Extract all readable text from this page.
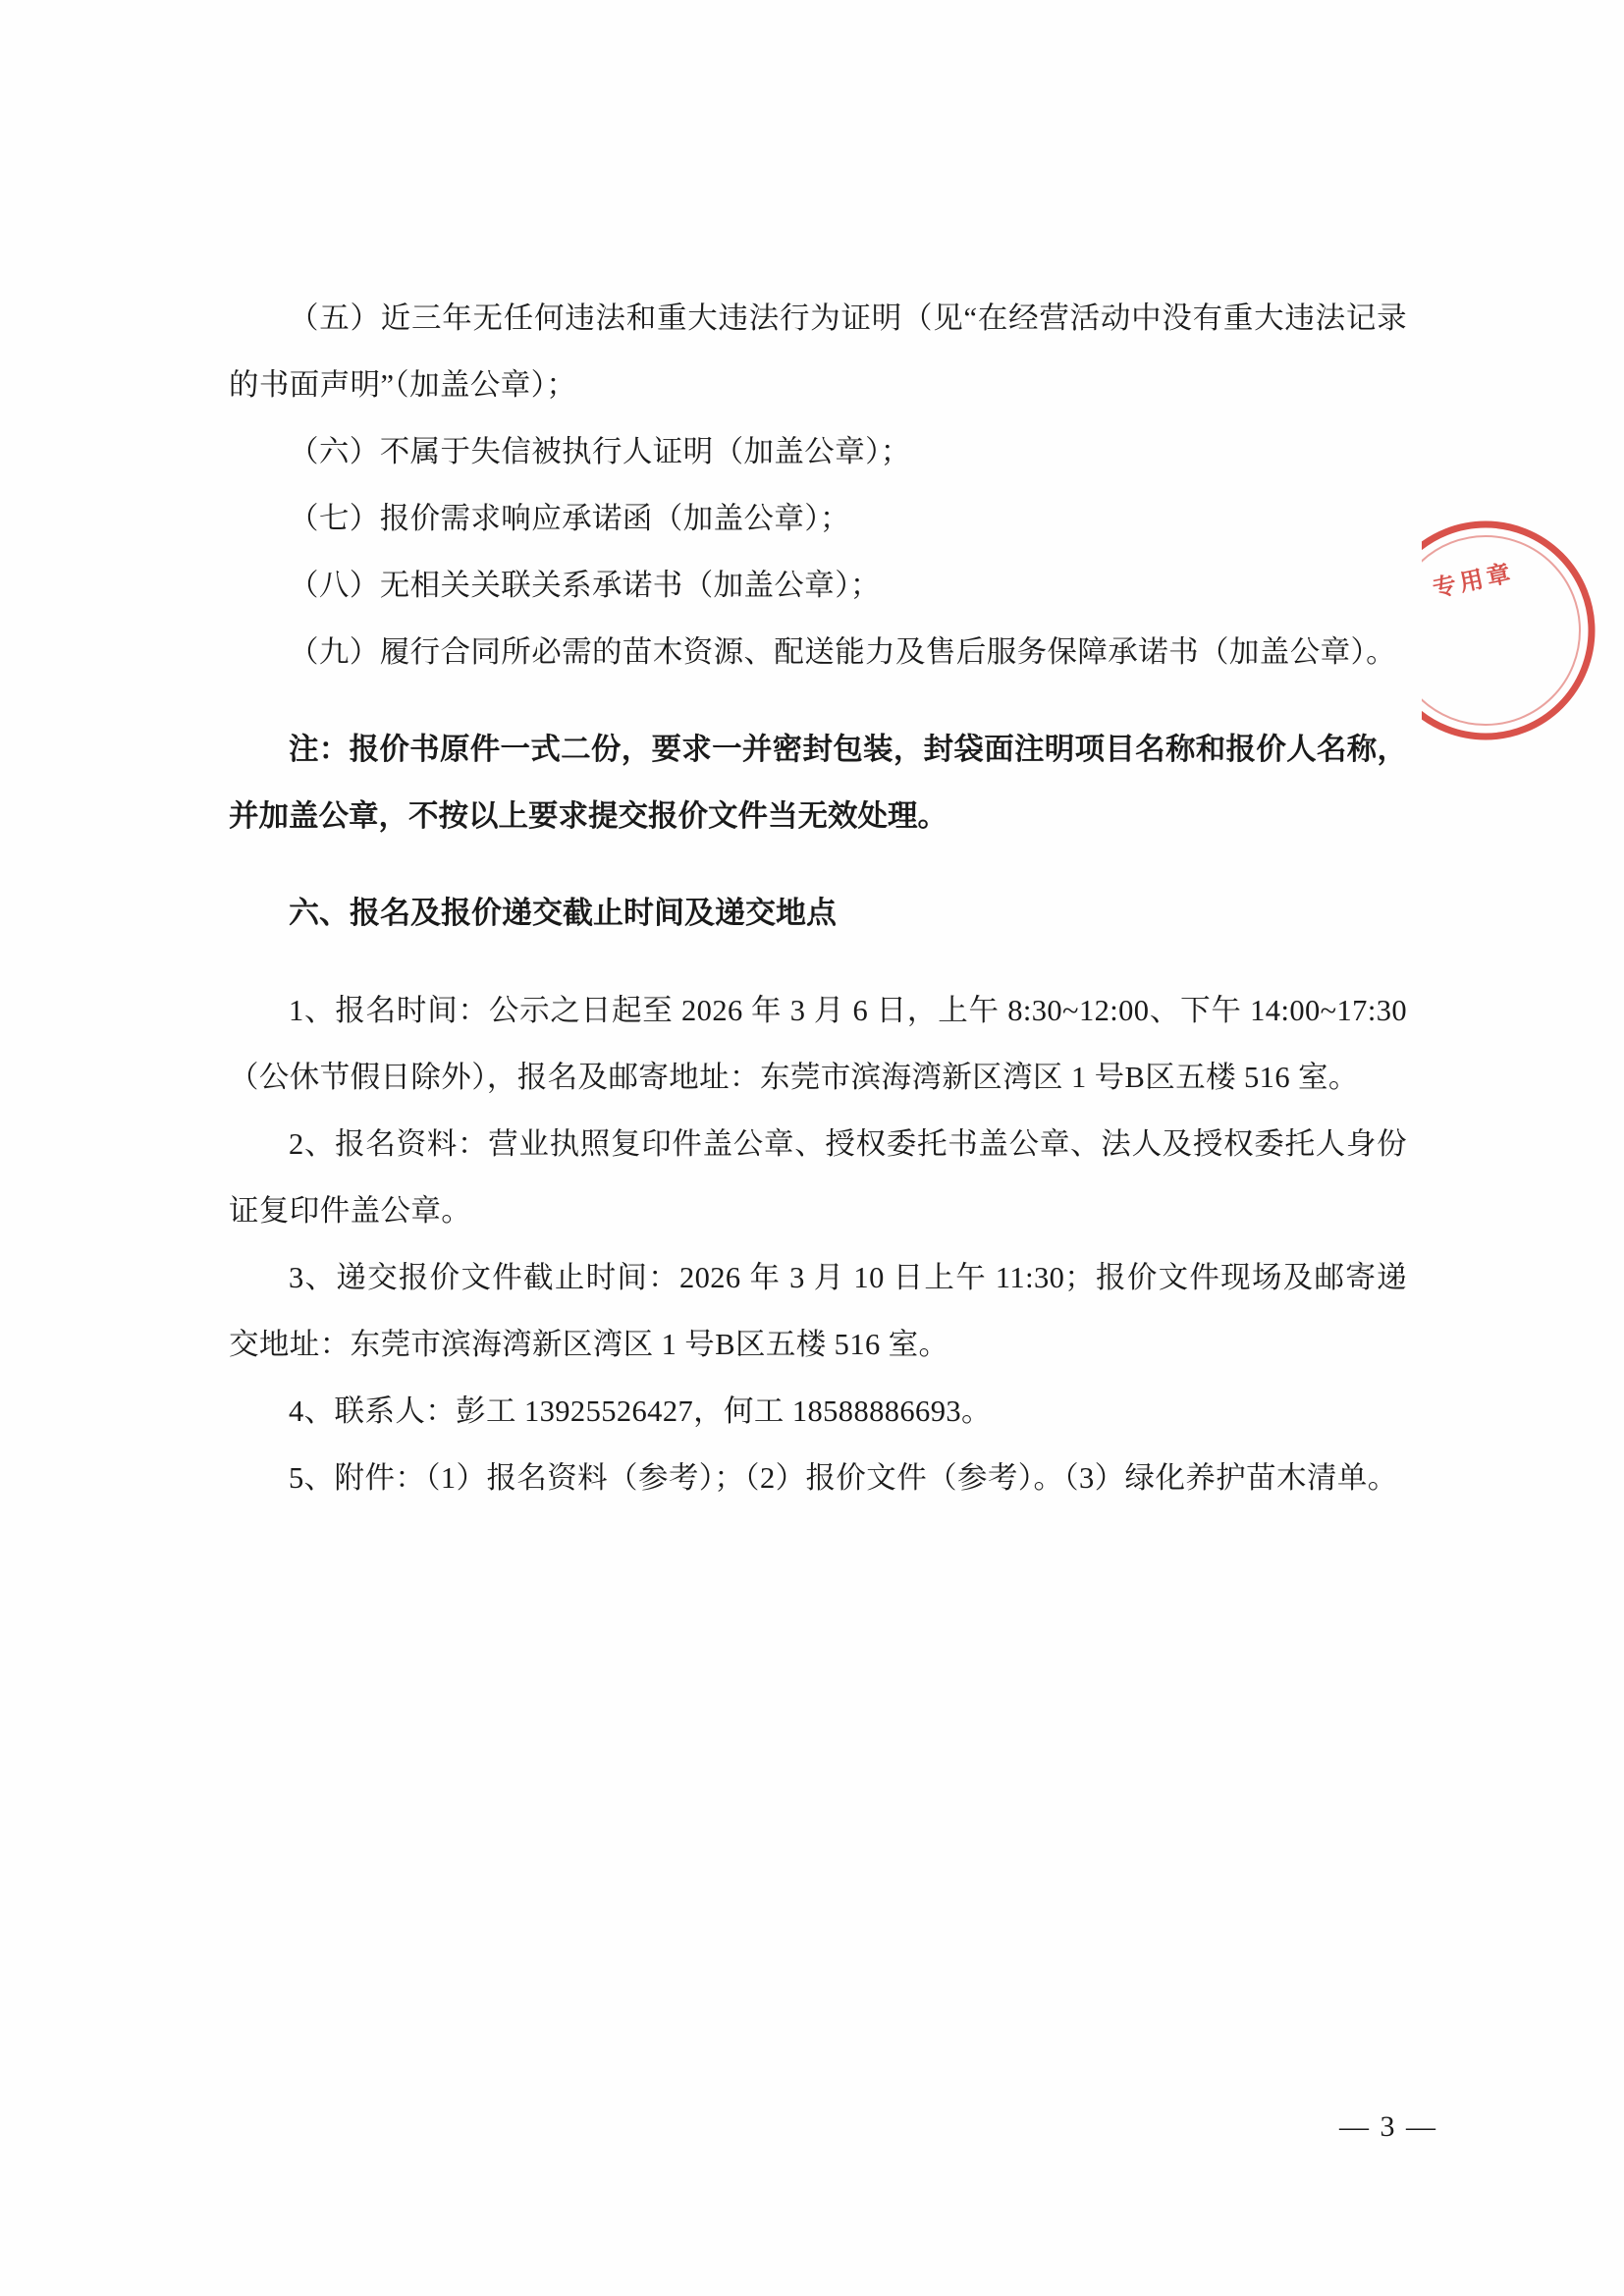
（五）近三年无任何违法和重大违法行为证明（见“在经营活动中没有重大违法记录的书面声明”（加盖公章）；

（六）不属于失信被执行人证明（加盖公章）；

（七）报价需求响应承诺函（加盖公章）；

（八）无相关关联关系承诺书（加盖公章）；

（九）履行合同所必需的苗木资源、配送能力及售后服务保障承诺书（加盖公章）。

注：报价书原件一式二份，要求一并密封包装，封袋面注明项目名称和报价人名称，并加盖公章，不按以上要求提交报价文件当无效处理。

六、报名及报价递交截止时间及递交地点

1、报名时间：公示之日起至 2026 年 3 月 6 日，上午 8:30~12:00、下午 14:00~17:30（公休节假日除外），报名及邮寄地址：东莞市滨海湾新区湾区 1 号B区五楼 516 室。

2、报名资料：营业执照复印件盖公章、授权委托书盖公章、法人及授权委托人身份证复印件盖公章。

3、递交报价文件截止时间：2026 年 3 月 10 日上午 11:30；报价文件现场及邮寄递交地址：东莞市滨海湾新区湾区 1 号B区五楼 516 室。

4、联系人：彭工 13925526427，何工 18588886693。

5、附件：（1）报名资料（参考）；（2）报价文件（参考）。（3）绿化养护苗木清单。

专用章
— 3 —
